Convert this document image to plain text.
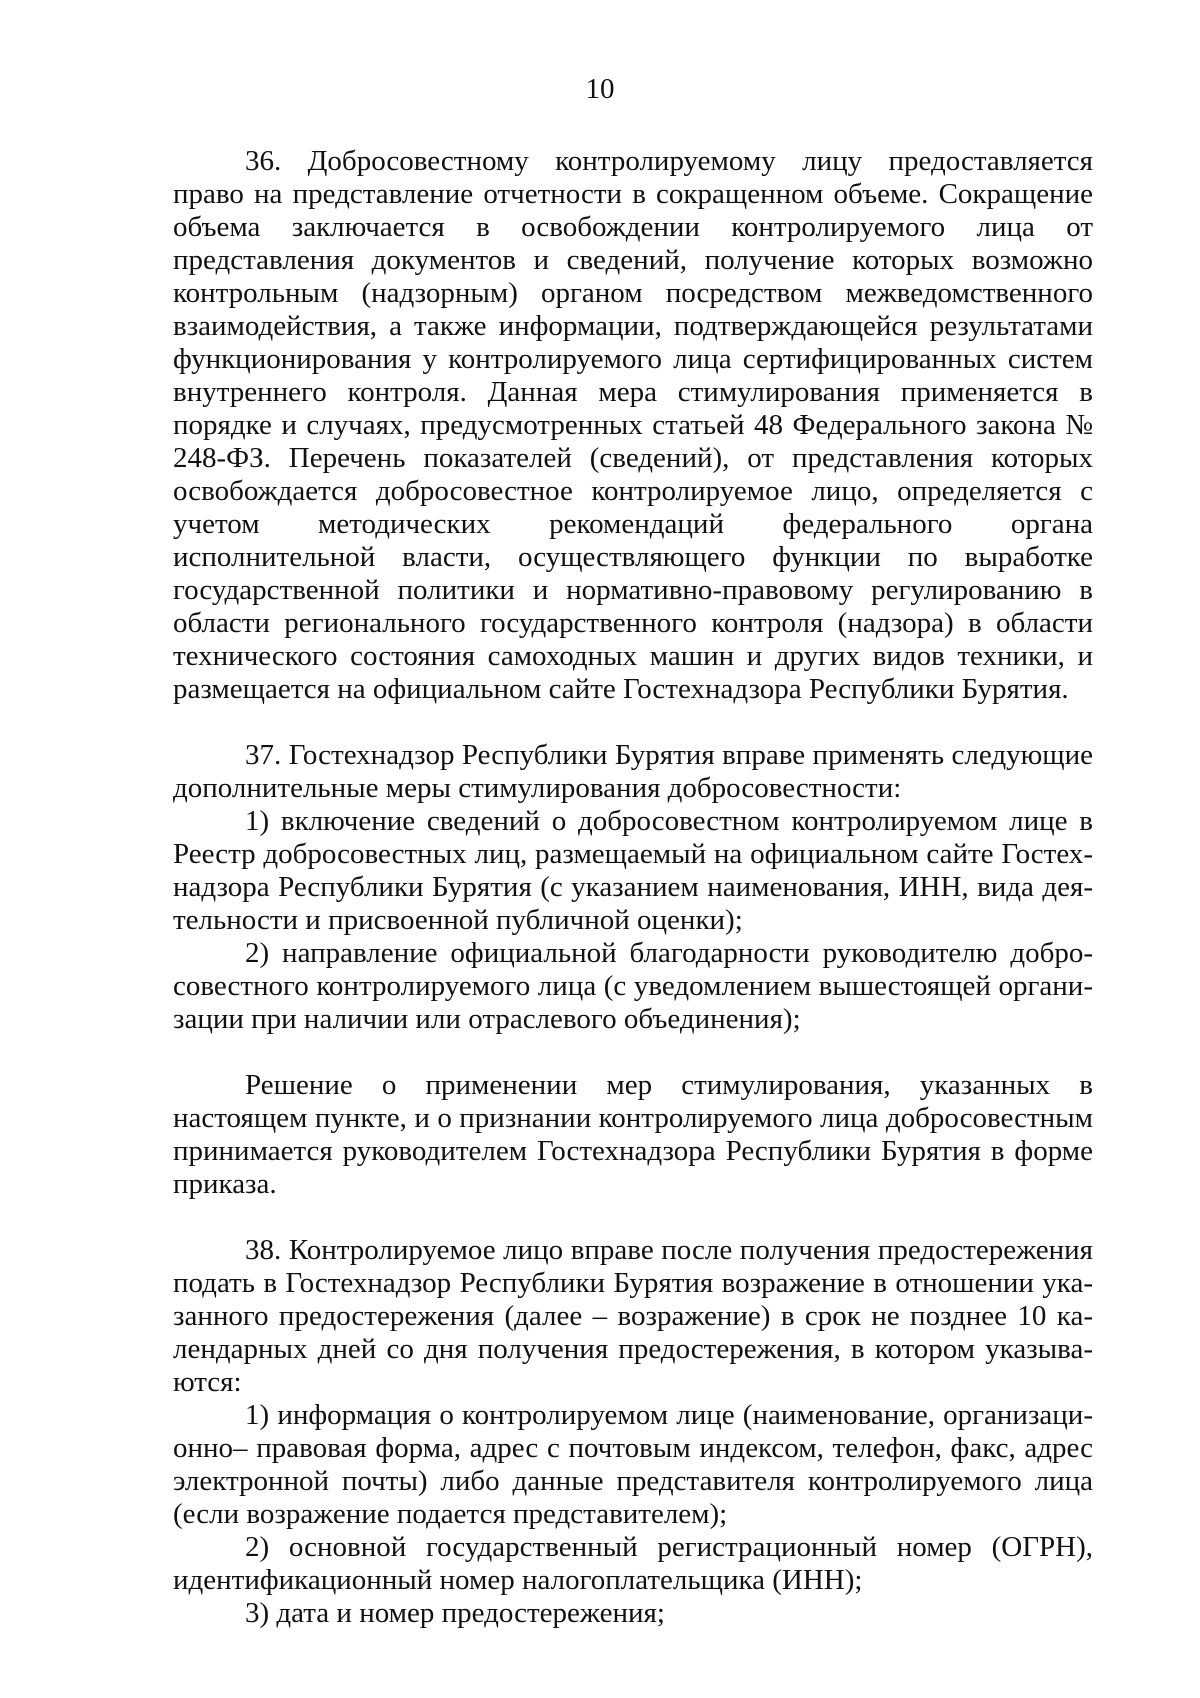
10

36. Добросовестному контролируемому лицу предоставляется право на представление отчетности в сокращенном объеме. Сокращение объема заключается в освобождении контролируемого лица от представления документов и сведений, получение которых возможно контрольным (надзорным) органом посредством межведомственного взаимодействия, а также информации, подтверждающейся результатами функционирования у контролируемого лица сертифицированных систем внутреннего контроля. Данная мера стимулирования применяется в порядке и случаях, предусмотренных статьей 48 Федерального закона № 248-ФЗ. Перечень показателей (сведений), от представления которых освобождается добросовестное контролируемое лицо, определяется с учетом методических рекомендаций федерального органа исполнительной власти, осуществляющего функции по выработке государственной политики и нормативно-правовому регулированию в области регионального государственного контроля (надзора) в области технического состояния самоходных машин и других видов техники, и размещается на официальном сайте Гостехнадзора Республики Бурятия.

37. Гостехнадзор Республики Бурятия вправе применять следующие дополнительные меры стимулирования добросовестности:

1) включение сведений о добросовестном контролируемом лице в Реестр добросовестных лиц, размещаемый на официальном сайте Гостехнадзора Республики Бурятия (с указанием наименования, ИНН, вида деятельности и присвоенной публичной оценки);

2) направление официальной благодарности руководителю добросовестного контролируемого лица (с уведомлением вышестоящей организации при наличии или отраслевого объединения);

Решение о применении мер стимулирования, указанных в настоящем пункте, и о признании контролируемого лица добросовестным принимается руководителем Гостехнадзора Республики Бурятия в форме приказа.

38. Контролируемое лицо вправе после получения предостережения подать в Гостехнадзор Республики Бурятия возражение в отношении указанного предостережения (далее – возражение) в срок не позднее 10 календарных дней со дня получения предостережения, в котором указываются:

1) информация о контролируемом лице (наименование, организационно– правовая форма, адрес с почтовым индексом, телефон, факс, адрес электронной почты) либо данные представителя контролируемого лица (если возражение подается представителем);

2) основной государственный регистрационный номер (ОГРН), идентификационный номер налогоплательщика (ИНН);

3) дата и номер предостережения;
